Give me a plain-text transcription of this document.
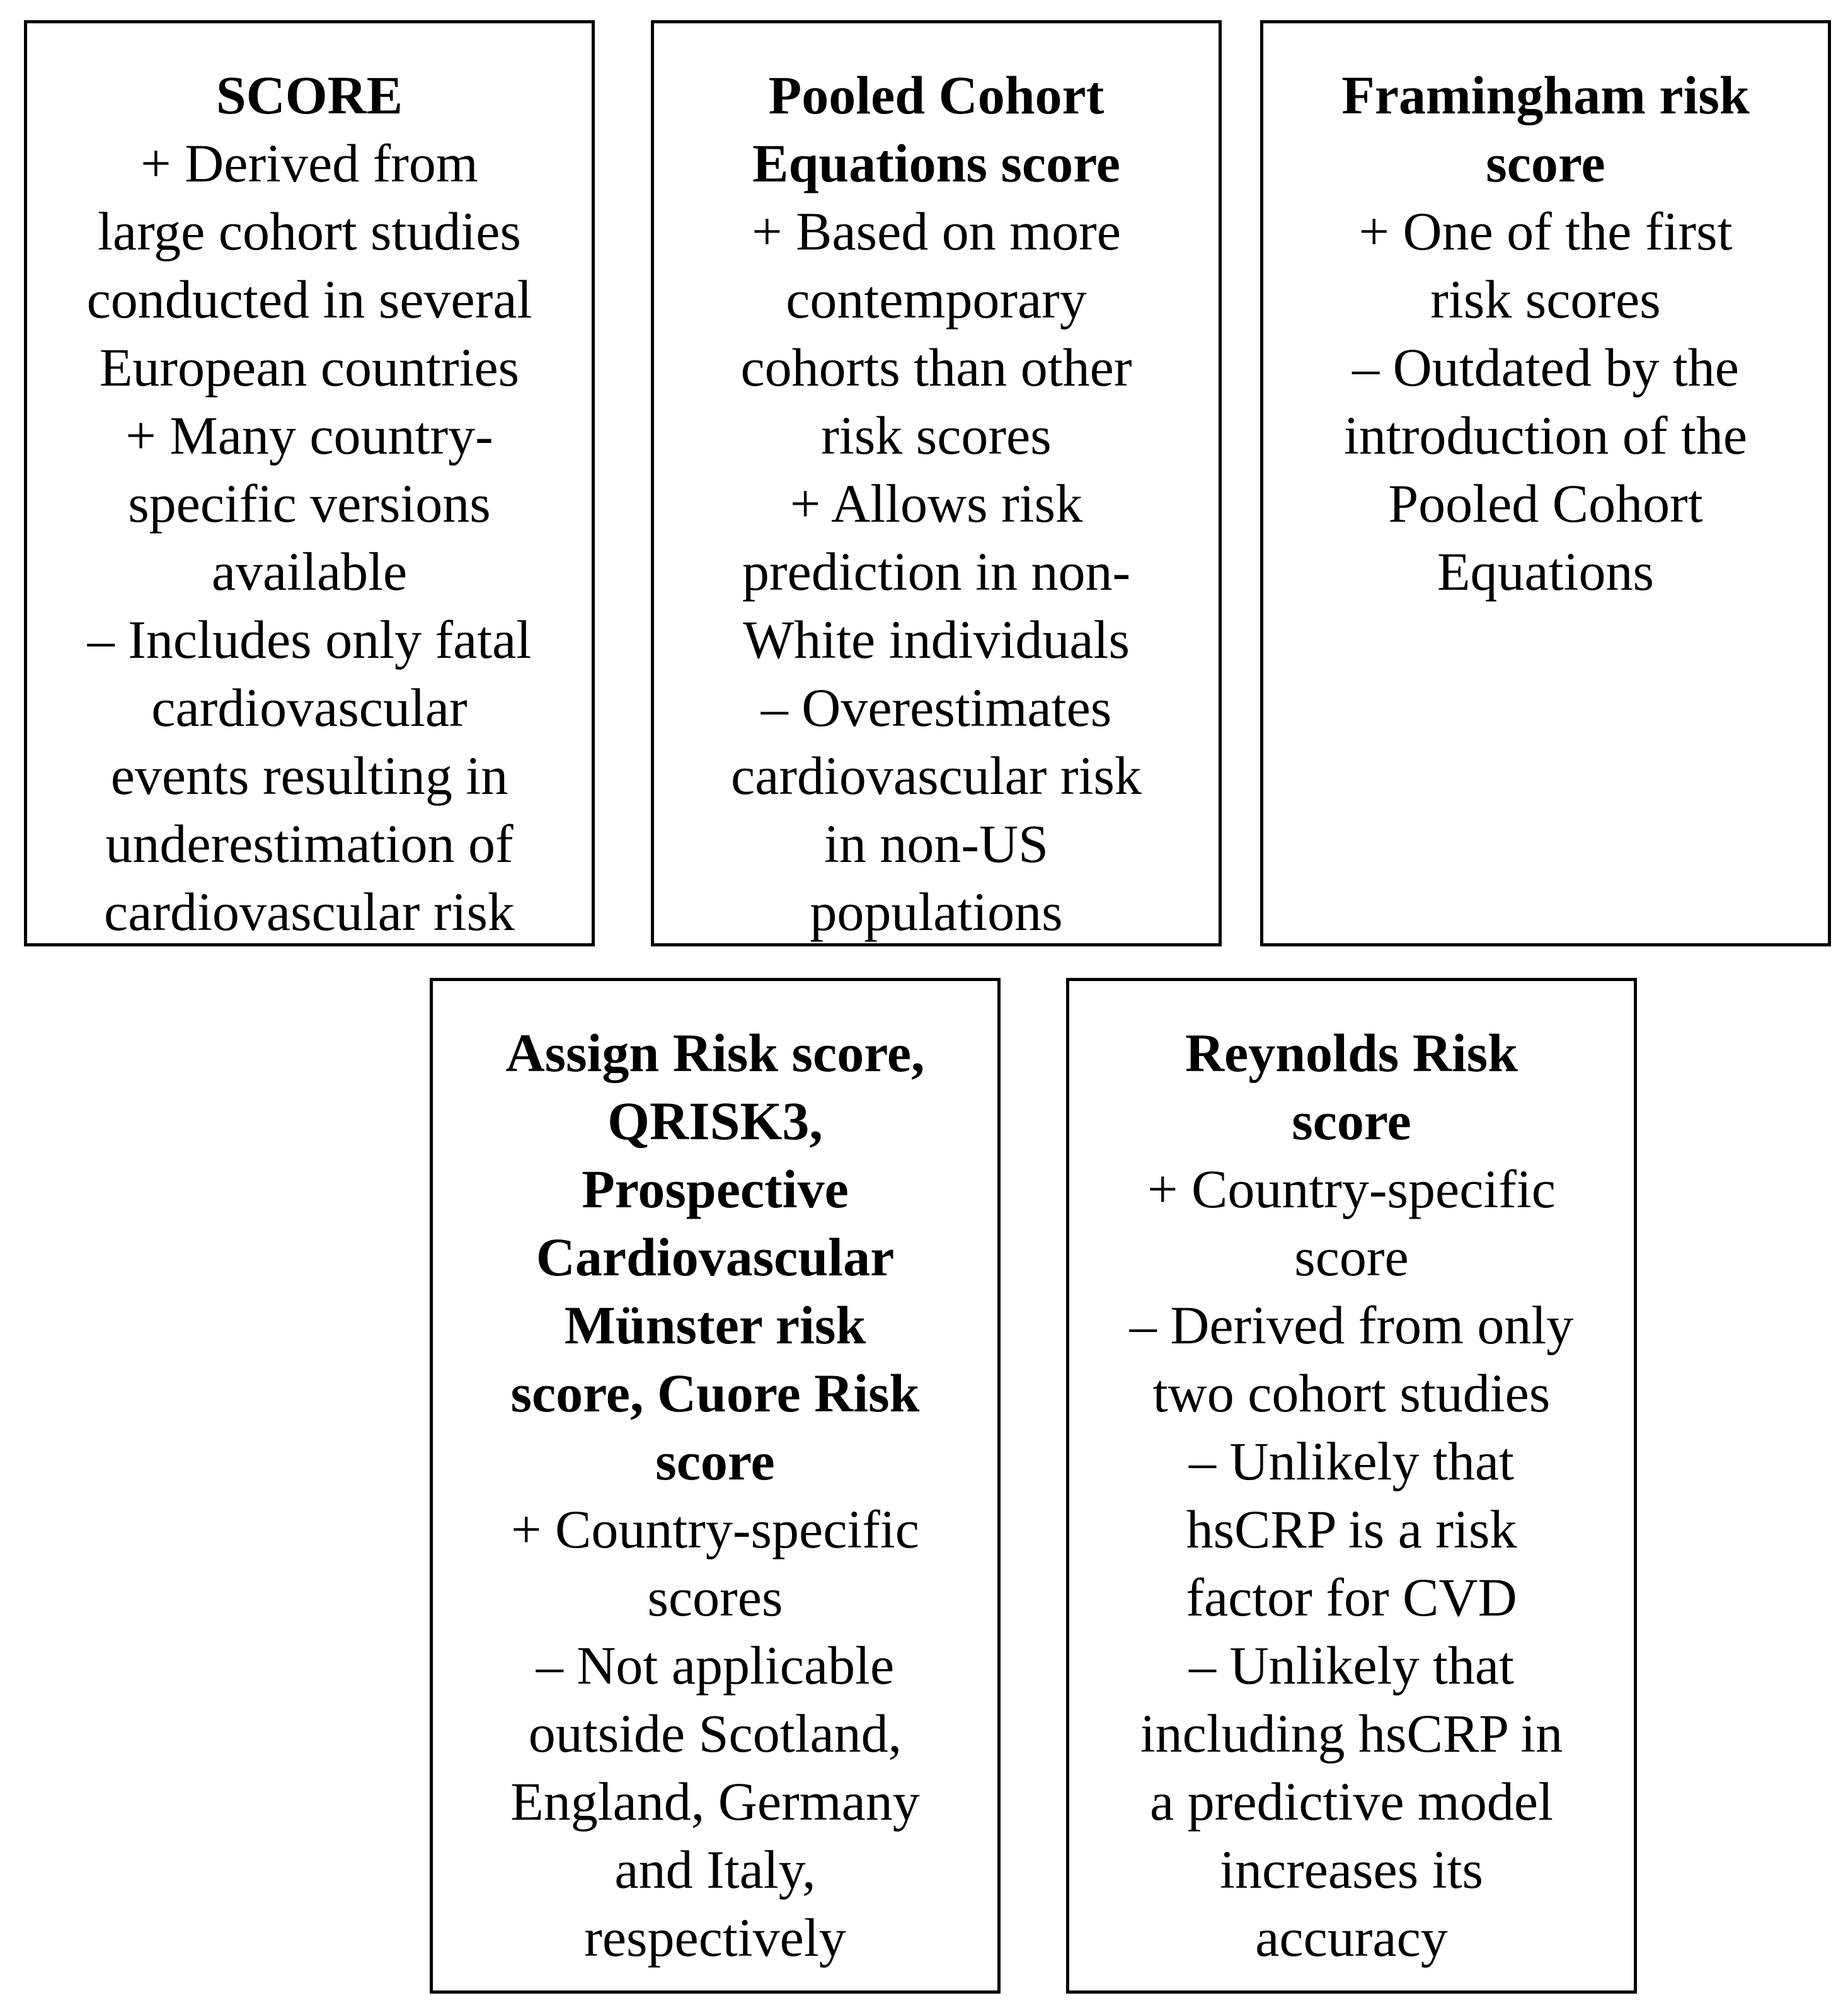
SCORE

+ Derived from

large cohort studies

conducted in several

European countries

+ Many country-

specific versions

available

– Includes only fatal

cardiovascular

events resulting in

underestimation of

cardiovascular risk

Pooled Cohort

Equations score

+ Based on more

contemporary

cohorts than other

risk scores

+ Allows risk

prediction in non-

White individuals

– Overestimates

cardiovascular risk

in non-US

populations

Framingham risk

score

+ One of the first

risk scores

– Outdated by the

introduction of the

Pooled Cohort

Equations

Assign Risk score,

QRISK3,

Prospective

Cardiovascular

Münster risk

score, Cuore Risk

score

+ Country-specific

scores

– Not applicable

outside Scotland,

England, Germany

and Italy,

respectively

Reynolds Risk

score

+ Country-specific

score

– Derived from only

two cohort studies

– Unlikely that

hsCRP is a risk

factor for CVD

– Unlikely that

including hsCRP in

a predictive model

increases its

accuracy
